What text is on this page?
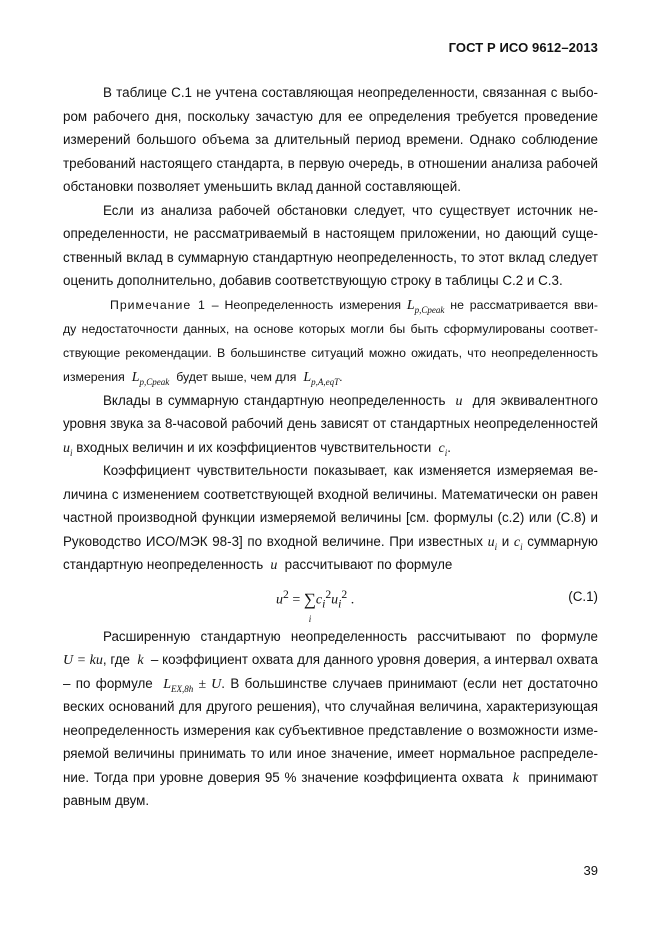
ГОСТ Р ИСО 9612–2013
В таблице С.1 не учтена составляющая неопределенности, связанная с выбо-
ром рабочего дня, поскольку зачастую для ее определения требуется проведение
измерений большого объема за длительный период времени. Однако соблюдение
требований настоящего стандарта, в первую очередь, в отношении анализа рабочей
обстановки позволяет уменьшить вклад данной составляющей.
Если из анализа рабочей обстановки следует, что существует источник не-
определенности, не рассматриваемый в настоящем приложении, но дающий суще-
ственный вклад в суммарную стандартную неопределенность, то этот вклад следует
оценить дополнительно, добавив соответствующую строку в таблицы С.2 и С.3.
Примечание 1 – Неопределенность измерения $L_{p,Cpeak}$ не рассматривается вви-
ду недостаточности данных, на основе которых могли бы быть сформулированы соответ-
ствующие рекомендации. В большинстве ситуаций можно ожидать, что неопределенность
измерения  $L_{p,Cpeak}$ будет выше, чем для  $L_{p,A,eqT}$.
Вклады в суммарную стандартную неопределенность  u  для эквивалентного
уровня звука за 8-часовой рабочий день зависят от стандартных неопределенностей
$u_i$ входных величин и их коэффициентов чувствительности  $c_i$.
Коэффициент чувствительности показывает, как изменяется измеряемая ве-
личина с изменением соответствующей входной величины. Математически он равен
частной производной функции измеряемой величины [см. формулы (с.2) или (С.8) и
Руководство ИСО/МЭК 98-3] по входной величине. При известных $u_i$ и $c_i$ суммарную
стандартную неопределенность  u  рассчитывают по формуле
$u^2$ = ∑
i
$c_i^2u_i^2$ .	(С.1)
Расширенную стандартную неопределенность рассчитывают по формуле
U = ku, где  k  – коэффициент охвата для данного уровня доверия, а интервал охвата
– по формуле  $L_{EX,8h} \pm U$. В большинстве случаев принимают (если нет достаточно
веских оснований для другого решения), что случайная величина, характеризующая
неопределенность измерения как субъективное представление о возможности изме-
ряемой величины принимать то или иное значение, имеет нормальное распределе-
ние. Тогда при уровне доверия 95 % значение коэффициента охвата  k  принимают
равным двум.
39
